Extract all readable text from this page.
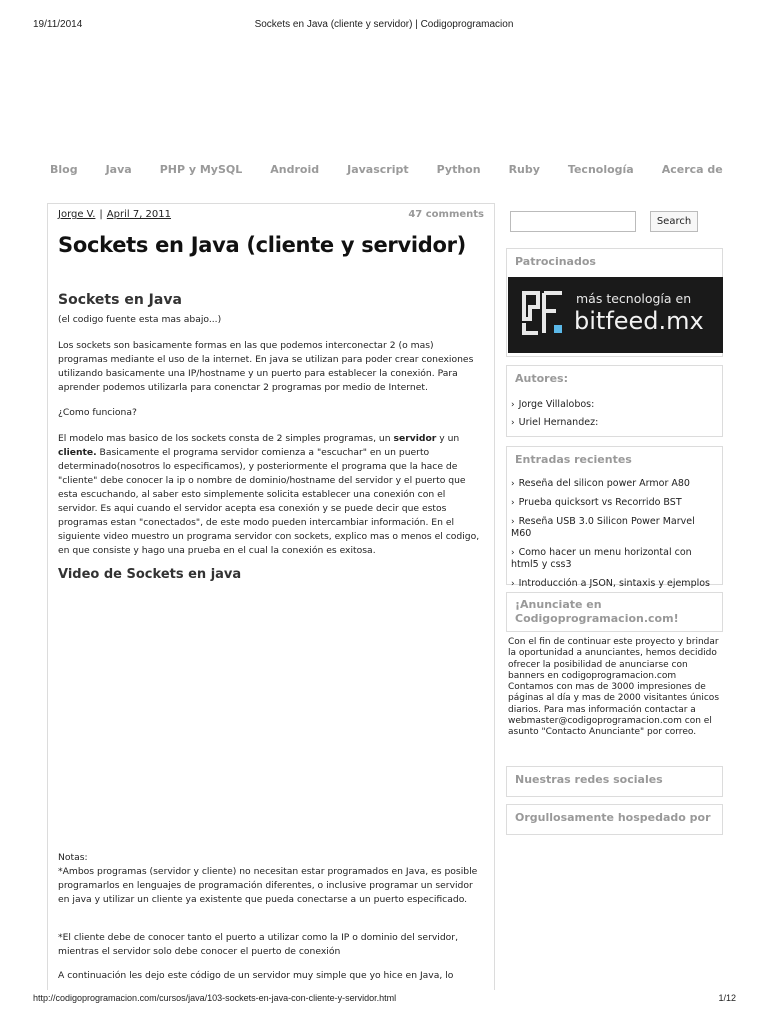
19/11/2014	Sockets en Java (cliente y servidor) | Codigoprogramacion
Blog	Java	PHP y MySQL	Android	Javascript	Python	Ruby	Tecnología	Acerca de
Jorge V. | April 7, 2011	47 comments
Sockets en Java (cliente y servidor)
Sockets en Java

(el codigo fuente esta mas abajo...)

Los sockets son basicamente formas en las que podemos interconectar 2 (o mas) programas mediante el uso de la internet. En java se utilizan para poder crear conexiones utilizando basicamente una IP/hostname y un puerto para establecer la conexión. Para aprender podemos utilizarla para conenctar 2 programas por medio de Internet.

¿Como funciona?

El modelo mas basico de los sockets consta de 2 simples programas, un servidor y un cliente. Basicamente el programa servidor comienza a "escuchar" en un puerto determinado(nosotros lo especificamos), y posteriormente el programa que la hace de "cliente" debe conocer la ip o nombre de dominio/hostname del servidor y el puerto que esta escuchando, al saber esto simplemente solicita establecer una conexión con el servidor. Es aqui cuando el servidor acepta esa conexión y se puede decir que estos programas estan "conectados", de este modo pueden intercambiar información. En el siguiente video muestro un programa servidor con sockets, explico mas o menos el codigo, en que consiste y hago una prueba en el cual la conexión es exitosa.

Video de Sockets en java

Notas:

*Ambos programas (servidor y cliente) no necesitan estar programados en Java, es posible programarlos en lenguajes de programación diferentes, o inclusive programar un servidor en java y utilizar un cliente ya existente que pueda conectarse a un puerto especificado.

*El cliente debe de conocer tanto el puerto a utilizar como la IP o dominio del servidor, mientras el servidor solo debe conocer el puerto de conexión

A continuación les dejo este código de un servidor muy simple que yo hice en Java, lo

Search
Patrocinados
más tecnología en
bitfeed.mx
Autores:
› Jorge Villalobos:
› Uriel Hernandez:
Entradas recientes
› Reseña del silicon power Armor A80
› Prueba quicksort vs Recorrido BST
› Reseña USB 3.0 Silicon Power Marvel M60
› Como hacer un menu horizontal con html5 y css3
› Introducción a JSON, sintaxis y ejemplos
¡Anunciate en Codigoprogramacion.com!

Con el fin de continuar este proyecto y brindar la oportunidad a anunciantes, hemos decidido ofrecer la posibilidad de anunciarse con banners en codigoprogramacion.com Contamos con mas de 3000 impresiones de páginas al día y mas de 2000 visitantes únicos diarios. Para mas información contactar a webmaster@codigoprogramacion.com con el asunto "Contacto Anunciante" por correo.

Nuestras redes sociales
Orgullosamente hospedado por
http://codigoprogramacion.com/cursos/java/103-sockets-en-java-con-cliente-y-servidor.html	1/12
